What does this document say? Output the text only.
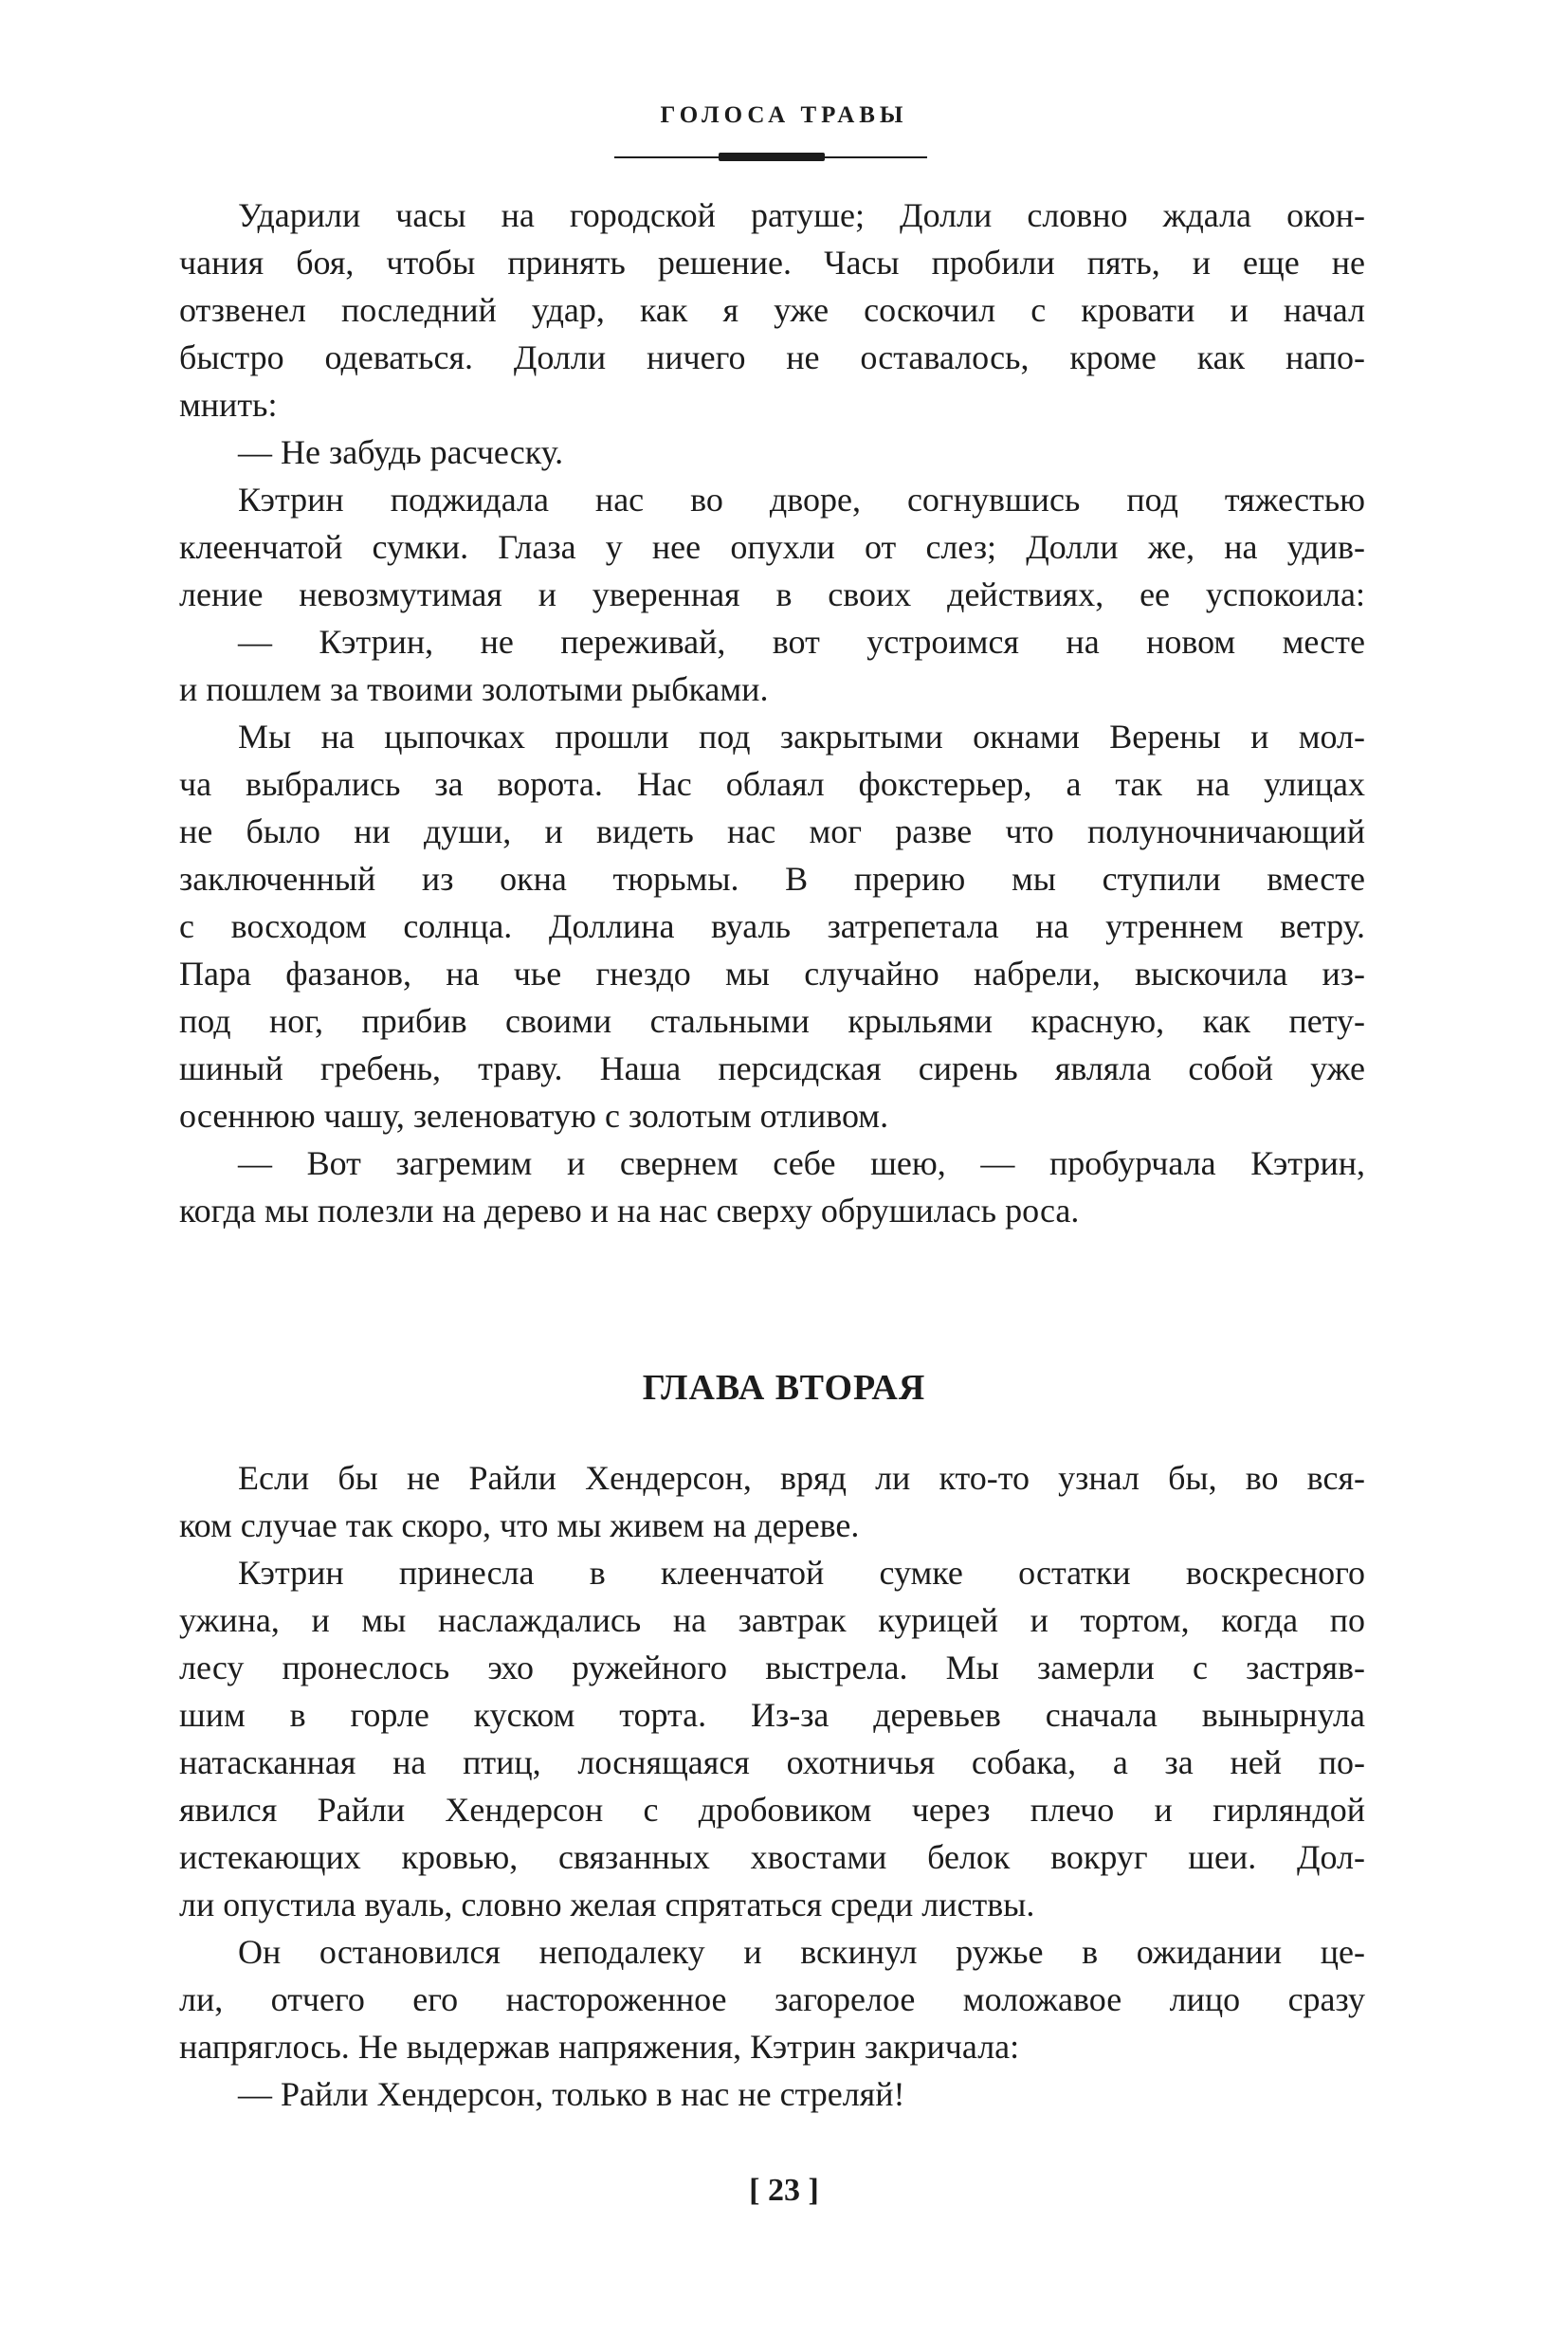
ГОЛОСА ТРАВЫ
Ударили часы на городской ратуше; Долли словно ждала окон-
чания боя, чтобы принять решение. Часы пробили пять, и еще не
отзвенел последний удар, как я уже соскочил с кровати и начал
быстро одеваться. Долли ничего не оставалось, кроме как напо-
мнить:
— Не забудь расческу.
Кэтрин поджидала нас во дворе, согнувшись под тяжестью
клеенчатой сумки. Глаза у нее опухли от слез; Долли же, на удив-
ление невозмутимая и уверенная в своих действиях, ее успокоила:
— Кэтрин, не переживай, вот устроимся на новом месте
и пошлем за твоими золотыми рыбками.
Мы на цыпочках прошли под закрытыми окнами Верены и мол-
ча выбрались за ворота. Нас облаял фокстерьер, а так на улицах
не было ни души, и видеть нас мог разве что полуночничающий
заключенный из окна тюрьмы. В прерию мы ступили вместе
с восходом солнца. Доллина вуаль затрепетала на утреннем ветру.
Пара фазанов, на чье гнездо мы случайно набрели, выскочила из-
под ног, прибив своими стальными крыльями красную, как пету-
шиный гребень, траву. Наша персидская сирень являла собой уже
осеннюю чашу, зеленоватую с золотым отливом.
— Вот загремим и свернем себе шею, — пробурчала Кэтрин,
когда мы полезли на дерево и на нас сверху обрушилась роса.
ГЛАВА ВТОРАЯ
Если бы не Райли Хендерсон, вряд ли кто-то узнал бы, во вся-
ком случае так скоро, что мы живем на дереве.
Кэтрин принесла в клеенчатой сумке остатки воскресного
ужина, и мы наслаждались на завтрак курицей и тортом, когда по
лесу пронеслось эхо ружейного выстрела. Мы замерли с застряв-
шим в горле куском торта. Из-за деревьев сначала вынырнула
натасканная на птиц, лоснящаяся охотничья собака, а за ней по-
явился Райли Хендерсон с дробовиком через плечо и гирляндой
истекающих кровью, связанных хвостами белок вокруг шеи. Дол-
ли опустила вуаль, словно желая спрятаться среди листвы.
Он остановился неподалеку и вскинул ружье в ожидании це-
ли, отчего его настороженное загорелое моложавое лицо сразу
напряглось. Не выдержав напряжения, Кэтрин закричала:
— Райли Хендерсон, только в нас не стреляй!
[ 23 ]
